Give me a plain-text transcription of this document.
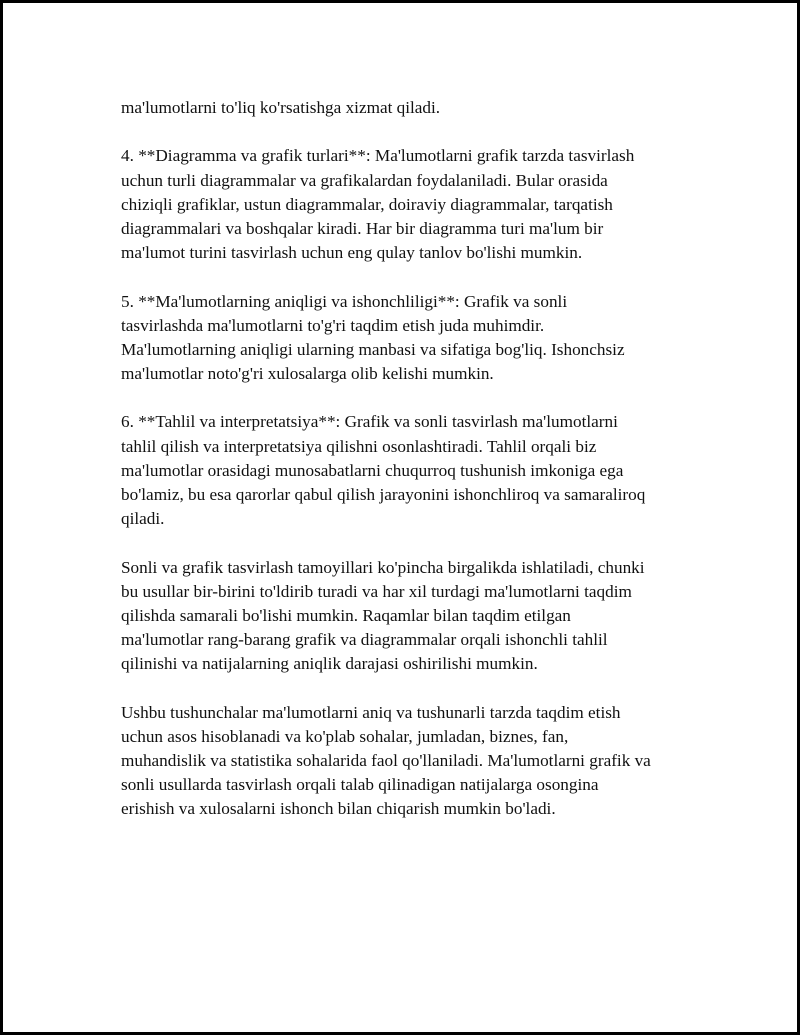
ma'lumotlarni to'liq ko'rsatishga xizmat qiladi.
4. **Diagramma va grafik turlari**: Ma'lumotlarni grafik tarzda tasvirlash
uchun turli diagrammalar va grafikalardan foydalaniladi. Bular orasida
chiziqli grafiklar, ustun diagrammalar, doiraviy diagrammalar, tarqatish
diagrammalari va boshqalar kiradi. Har bir diagramma turi ma'lum bir
ma'lumot turini tasvirlash uchun eng qulay tanlov bo'lishi mumkin.
5. **Ma'lumotlarning aniqligi va ishonchliligi**: Grafik va sonli
tasvirlashda ma'lumotlarni to'g'ri taqdim etish juda muhimdir.
Ma'lumotlarning aniqligi ularning manbasi va sifatiga bog'liq. Ishonchsiz
ma'lumotlar noto'g'ri xulosalarga olib kelishi mumkin.
6. **Tahlil va interpretatsiya**: Grafik va sonli tasvirlash ma'lumotlarni
tahlil qilish va interpretatsiya qilishni osonlashtiradi. Tahlil orqali biz
ma'lumotlar orasidagi munosabatlarni chuqurroq tushunish imkoniga ega
bo'lamiz, bu esa qarorlar qabul qilish jarayonini ishonchliroq va samaraliroq
qiladi.
Sonli va grafik tasvirlash tamoyillari ko'pincha birgalikda ishlatiladi, chunki
bu usullar bir-birini to'ldirib turadi va har xil turdagi ma'lumotlarni taqdim
qilishda samarali bo'lishi mumkin. Raqamlar bilan taqdim etilgan
ma'lumotlar rang-barang grafik va diagrammalar orqali ishonchli tahlil
qilinishi va natijalarning aniqlik darajasi oshirilishi mumkin.
Ushbu tushunchalar ma'lumotlarni aniq va tushunarli tarzda taqdim etish
uchun asos hisoblanadi va ko'plab sohalar, jumladan, biznes, fan,
muhandislik va statistika sohalarida faol qo'llaniladi. Ma'lumotlarni grafik va
sonli usullarda tasvirlash orqali talab qilinadigan natijalarga osongina
erishish va xulosalarni ishonch bilan chiqarish mumkin bo'ladi.
